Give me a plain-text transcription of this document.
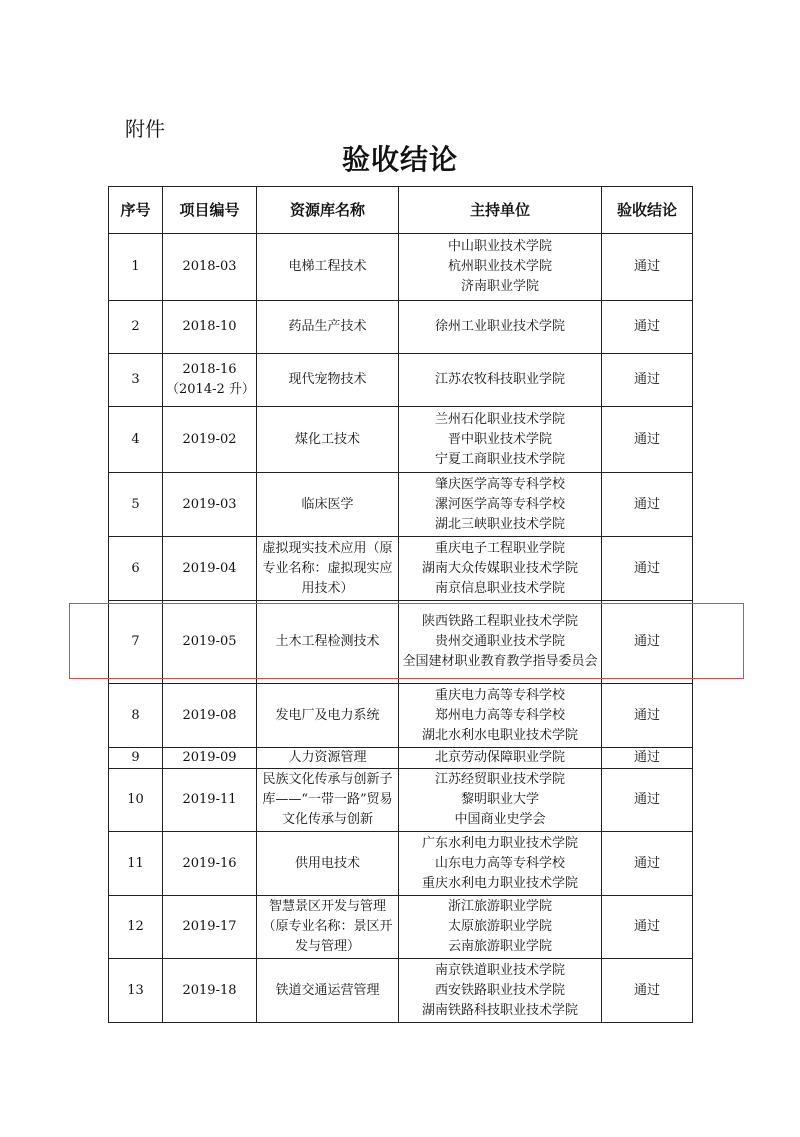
附件
验收结论
序号	项目编号	资源库名称	主持单位	验收结论
1	2018-03	电梯工程技术	中山职业技术学院
杭州职业技术学院
济南职业学院	通过
2	2018-10	药品生产技术	徐州工业职业技术学院	通过
3	2018-16
（2014-2 升）	现代宠物技术	江苏农牧科技职业学院	通过
4	2019-02	煤化工技术	兰州石化职业技术学院
晋中职业技术学院
宁夏工商职业技术学院	通过
5	2019-03	临床医学	肇庆医学高等专科学校
漯河医学高等专科学校
湖北三峡职业技术学院	通过
6	2019-04	虚拟现实技术应用（原专业名称：虚拟现实应用技术）	重庆电子工程职业学院
湖南大众传媒职业技术学院
南京信息职业技术学院	通过
7	2019-05	土木工程检测技术	陕西铁路工程职业技术学院
贵州交通职业技术学院
全国建材职业教育教学指导委员会	通过
8	2019-08	发电厂及电力系统	重庆电力高等专科学校
郑州电力高等专科学校
湖北水利水电职业技术学院	通过
9	2019-09	人力资源管理	北京劳动保障职业学院	通过
10	2019-11	民族文化传承与创新子库——“一带一路”贸易文化传承与创新	江苏经贸职业技术学院
黎明职业大学
中国商业史学会	通过
11	2019-16	供用电技术	广东水利电力职业技术学院
山东电力高等专科学校
重庆水利电力职业技术学院	通过
12	2019-17	智慧景区开发与管理（原专业名称：景区开发与管理）	浙江旅游职业学院
太原旅游职业学院
云南旅游职业学院	通过
13	2019-18	铁道交通运营管理	南京铁道职业技术学院
西安铁路职业技术学院
湖南铁路科技职业技术学院	通过
